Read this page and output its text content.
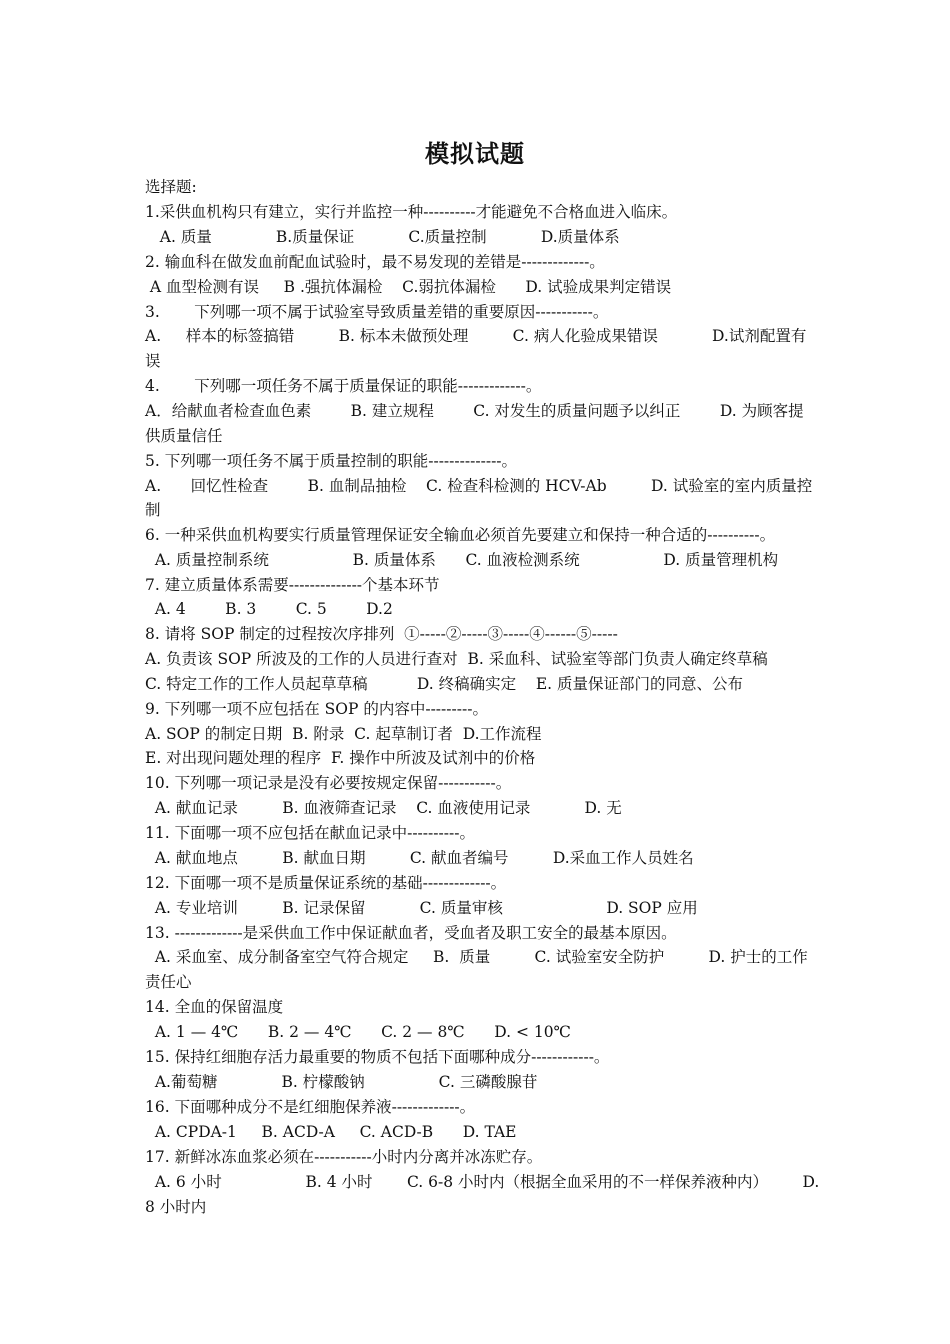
模拟试题
选择题:
1.采供血机构只有建立，实行并监控一种----------才能避免不合格血进入临床。
A. 质量             B.质量保证           C.质量控制           D.质量体系
2. 输血科在做发血前配血试验时，最不易发现的差错是-------------。
A 血型检测有误     B .强抗体漏检    C.弱抗体漏检      D. 试验成果判定错误
3.       下列哪一项不属于试验室导致质量差错的重要原因-----------。
A.     样本的标签搞错         B. 标本未做预处理         C. 病人化验成果错误           D.试剂配置有
误
4.       下列哪一项任务不属于质量保证的职能-------------。
A．给献血者检查血色素        B. 建立规程        C. 对发生的质量问题予以纠正        D. 为顾客提
供质量信任
5. 下列哪一项任务不属于质量控制的职能--------------。
A.      回忆性检查        B. 血制品抽检    C. 检查科检测的 HCV-Ab         D. 试验室的室内质量控
制
6. 一种采供血机构要实行质量管理保证安全输血必须首先要建立和保持一种合适的----------。
A. 质量控制系统                 B. 质量体系      C. 血液检测系统                 D. 质量管理机构
7. 建立质量体系需要--------------个基本环节
A. 4        B. 3        C. 5        D.2
8. 请将 SOP 制定的过程按次序排列  ①-----②-----③-----④------⑤-----
A. 负责该 SOP 所波及的工作的人员进行查对  B. 采血科、试验室等部门负责人确定终草稿
C. 特定工作的工作人员起草草稿          D. 终稿确实定    E. 质量保证部门的同意、公布
9. 下列哪一项不应包括在 SOP 的内容中---------。
A. SOP 的制定日期  B. 附录  C. 起草制订者  D.工作流程
E. 对出现问题处理的程序  F. 操作中所波及试剂中的价格
10. 下列哪一项记录是没有必要按规定保留-----------。
A. 献血记录         B. 血液筛查记录    C. 血液使用记录           D. 无
11. 下面哪一项不应包括在献血记录中----------。
A. 献血地点         B. 献血日期         C. 献血者编号         D.采血工作人员姓名
12. 下面哪一项不是质量保证系统的基础-------------。
A. 专业培训         B. 记录保留           C. 质量审核                     D. SOP 应用
13. -------------是采供血工作中保证献血者，受血者及职工安全的最基本原因。
A. 采血室、成分制备室空气符合规定     B.  质量         C. 试验室安全防护         D. 护士的工作
责任心
14. 全血的保留温度
A. 1 — 4℃      B. 2 — 4℃      C. 2 — 8℃      D. < 10℃
15. 保持红细胞存活力最重要的物质不包括下面哪种成分------------。
A.葡萄糖             B. 柠檬酸钠               C. 三磷酸腺苷
16. 下面哪种成分不是红细胞保养液-------------。
A. CPDA-1     B. ACD-A     C. ACD-B      D. TAE
17. 新鲜冰冻血浆必须在-----------小时内分离并冰冻贮存。
A. 6 小时                 B. 4 小时       C. 6-8 小时内（根据全血采用的不一样保养液种内）       D.
8 小时内
